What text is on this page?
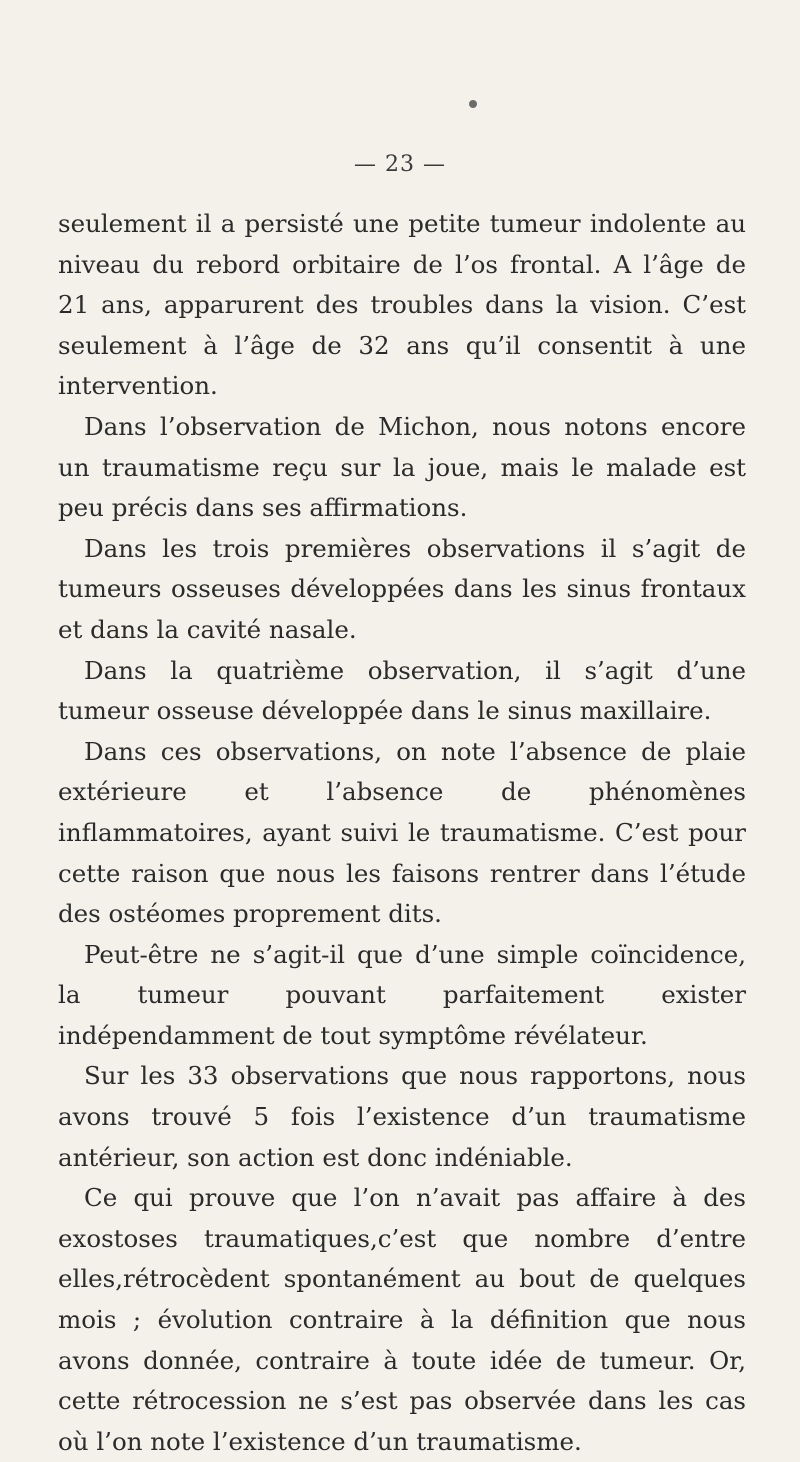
— 23 —

seulement il a persisté une petite tumeur indolente au niveau du rebord orbitaire de l’os frontal. A l’âge de 21 ans, apparurent des troubles dans la vision. C’est seulement à l’âge de 32 ans qu’il consentit à une intervention.

Dans l’observation de Michon, nous notons encore un traumatisme reçu sur la joue, mais le malade est peu précis dans ses affirmations.

Dans les trois premières observations il s’agit de tumeurs osseuses développées dans les sinus frontaux et dans la cavité nasale.

Dans la quatrième observation, il s’agit d’une tumeur osseuse développée dans le sinus maxillaire.

Dans ces observations, on note l’absence de plaie extérieure et l’absence de phénomènes inflammatoires, ayant suivi le traumatisme. C’est pour cette raison que nous les faisons rentrer dans l’étude des ostéomes proprement dits.

Peut-être ne s’agit-il que d’une simple coïncidence, la tumeur pouvant parfaitement exister indépendamment de tout symptôme révélateur.

Sur les 33 observations que nous rapportons, nous avons trouvé 5 fois l’existence d’un traumatisme antérieur, son action est donc indéniable.

Ce qui prouve que l’on n’avait pas affaire à des exostoses traumatiques,c’est que nombre d’entre elles,rétrocèdent spontanément au bout de quelques mois ; évolution contraire à la définition que nous avons donnée, contraire à toute idée de tumeur. Or, cette rétrocession ne s’est pas observée dans les cas où l’on note l’existence d’un traumatisme.
